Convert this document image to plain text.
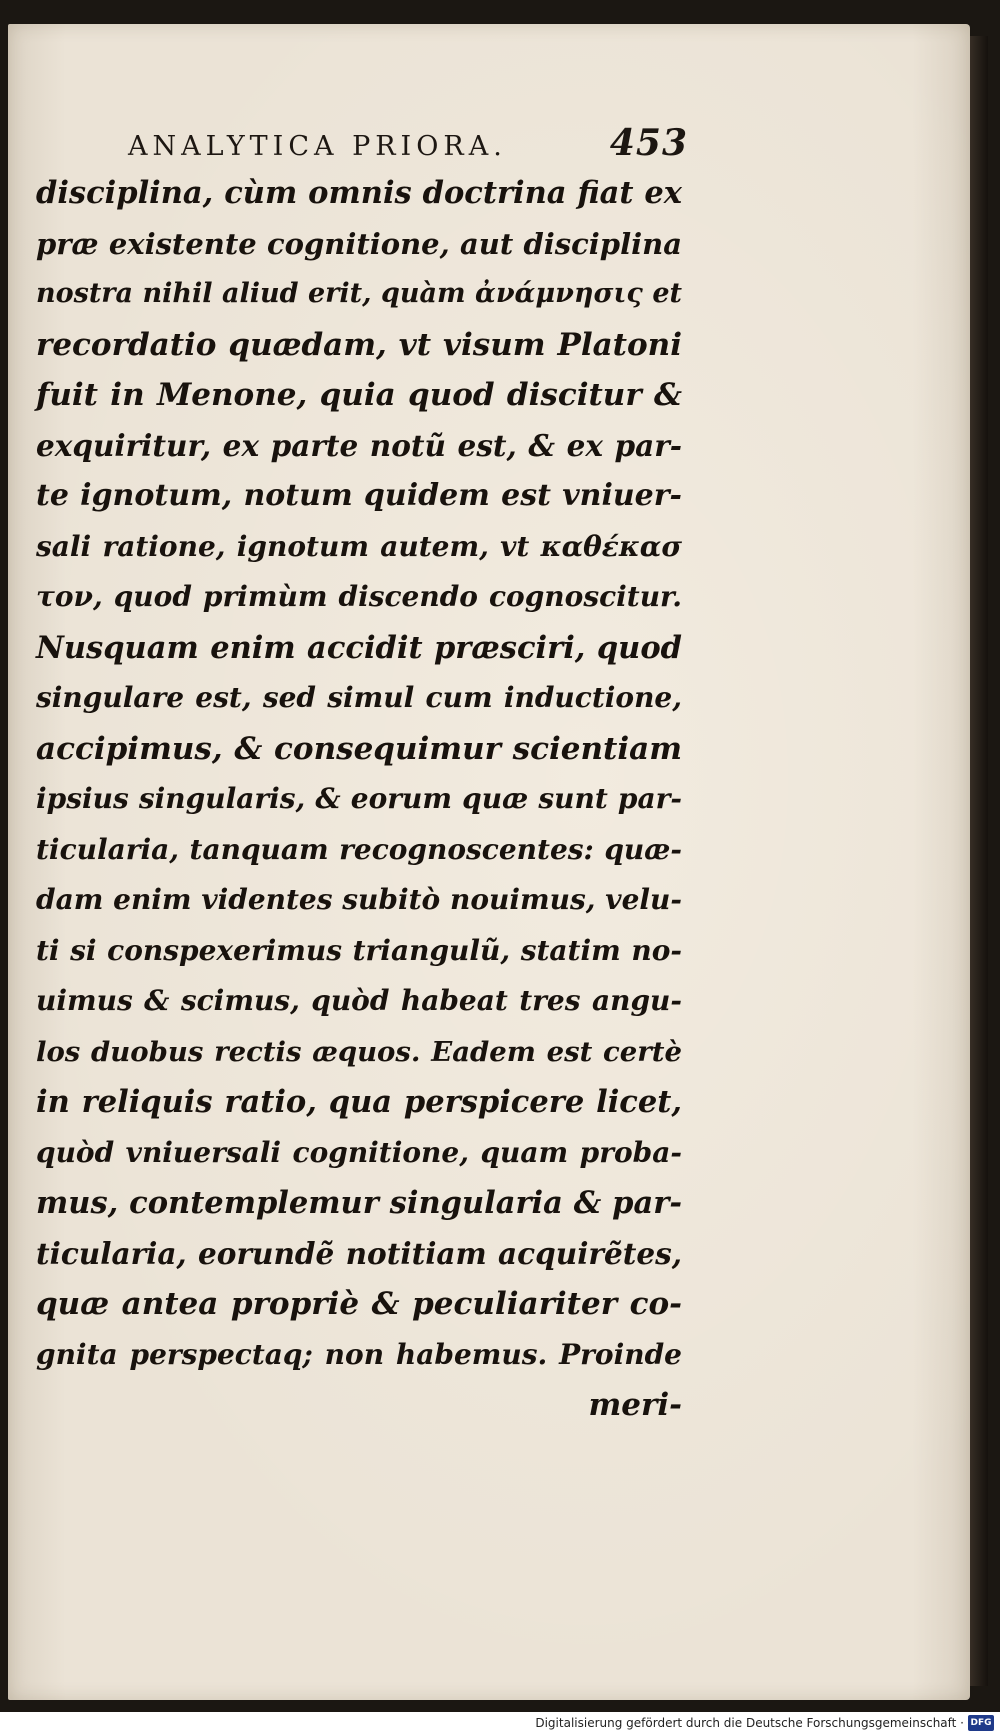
ANALYTICA PRIORA.	453
disciplina, cùm omnis doctrina fiat ex
præ existente cognitione, aut disciplina
nostra nihil aliud erit, quàm ἀνάμνησις et
recordatio quædam, vt visum Platoni
fuit in Menone, quia quod discitur &
exquiritur, ex parte notũ est, & ex par-
te ignotum, notum quidem est vniuer-
sali ratione, ignotum autem, vt καθέκασ
τον, quod primùm discendo cognoscitur.
Nusquam enim accidit præsciri, quod
singulare est, sed simul cum inductione,
accipimus, & consequimur scientiam
ipsius singularis, & eorum quæ sunt par-
ticularia, tanquam recognoscentes: quæ-
dam enim videntes subitò nouimus, velu-
ti si conspexerimus triangulũ, statim no-
uimus & scimus, quòd habeat tres angu-
los duobus rectis æquos. Eadem est certè
in reliquis ratio, qua perspicere licet,
quòd vniuersali cognitione, quam proba-
mus, contemplemur singularia & par-
ticularia, eorundẽ notitiam acquirẽtes,
quæ antea propriè & peculiariter co-
gnita perspectaq; non habemus. Proinde
meri-
Digitalisierung gefördert durch die Deutsche Forschungsgemeinschaft · DFG
